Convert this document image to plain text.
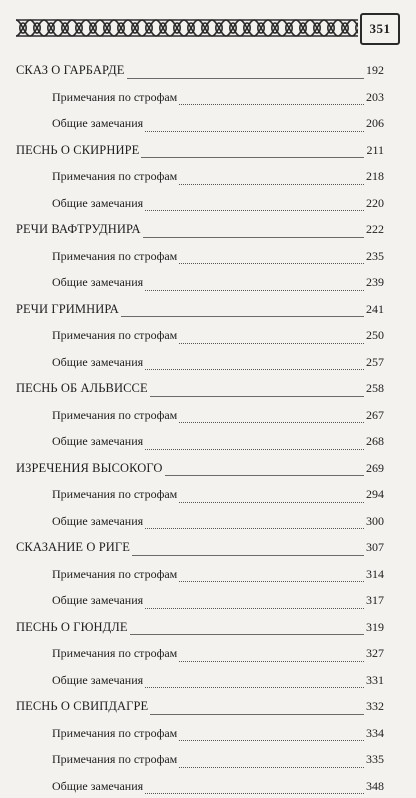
351
СКАЗ О ГАРБАРДЕ	192
Примечания по строфам	203
Общие замечания	206
ПЕСНЬ О СКИРНИРЕ	211
Примечания по строфам	218
Общие замечания	220
РЕЧИ ВАФТРУДНИРА	222
Примечания по строфам	235
Общие замечания	239
РЕЧИ ГРИМНИРА	241
Примечания по строфам	250
Общие замечания	257
ПЕСНЬ ОБ АЛЬВИССЕ	258
Примечания по строфам	267
Общие замечания	268
ИЗРЕЧЕНИЯ ВЫСОКОГО	269
Примечания по строфам	294
Общие замечания	300
СКАЗАНИЕ О РИГЕ	307
Примечания по строфам	314
Общие замечания	317
ПЕСНЬ О ГЮНДЛЕ	319
Примечания по строфам	327
Общие замечания	331
ПЕСНЬ О СВИПДАГРЕ	332
Примечания по строфам	334
Примечания по строфам	335
Общие замечания	348
